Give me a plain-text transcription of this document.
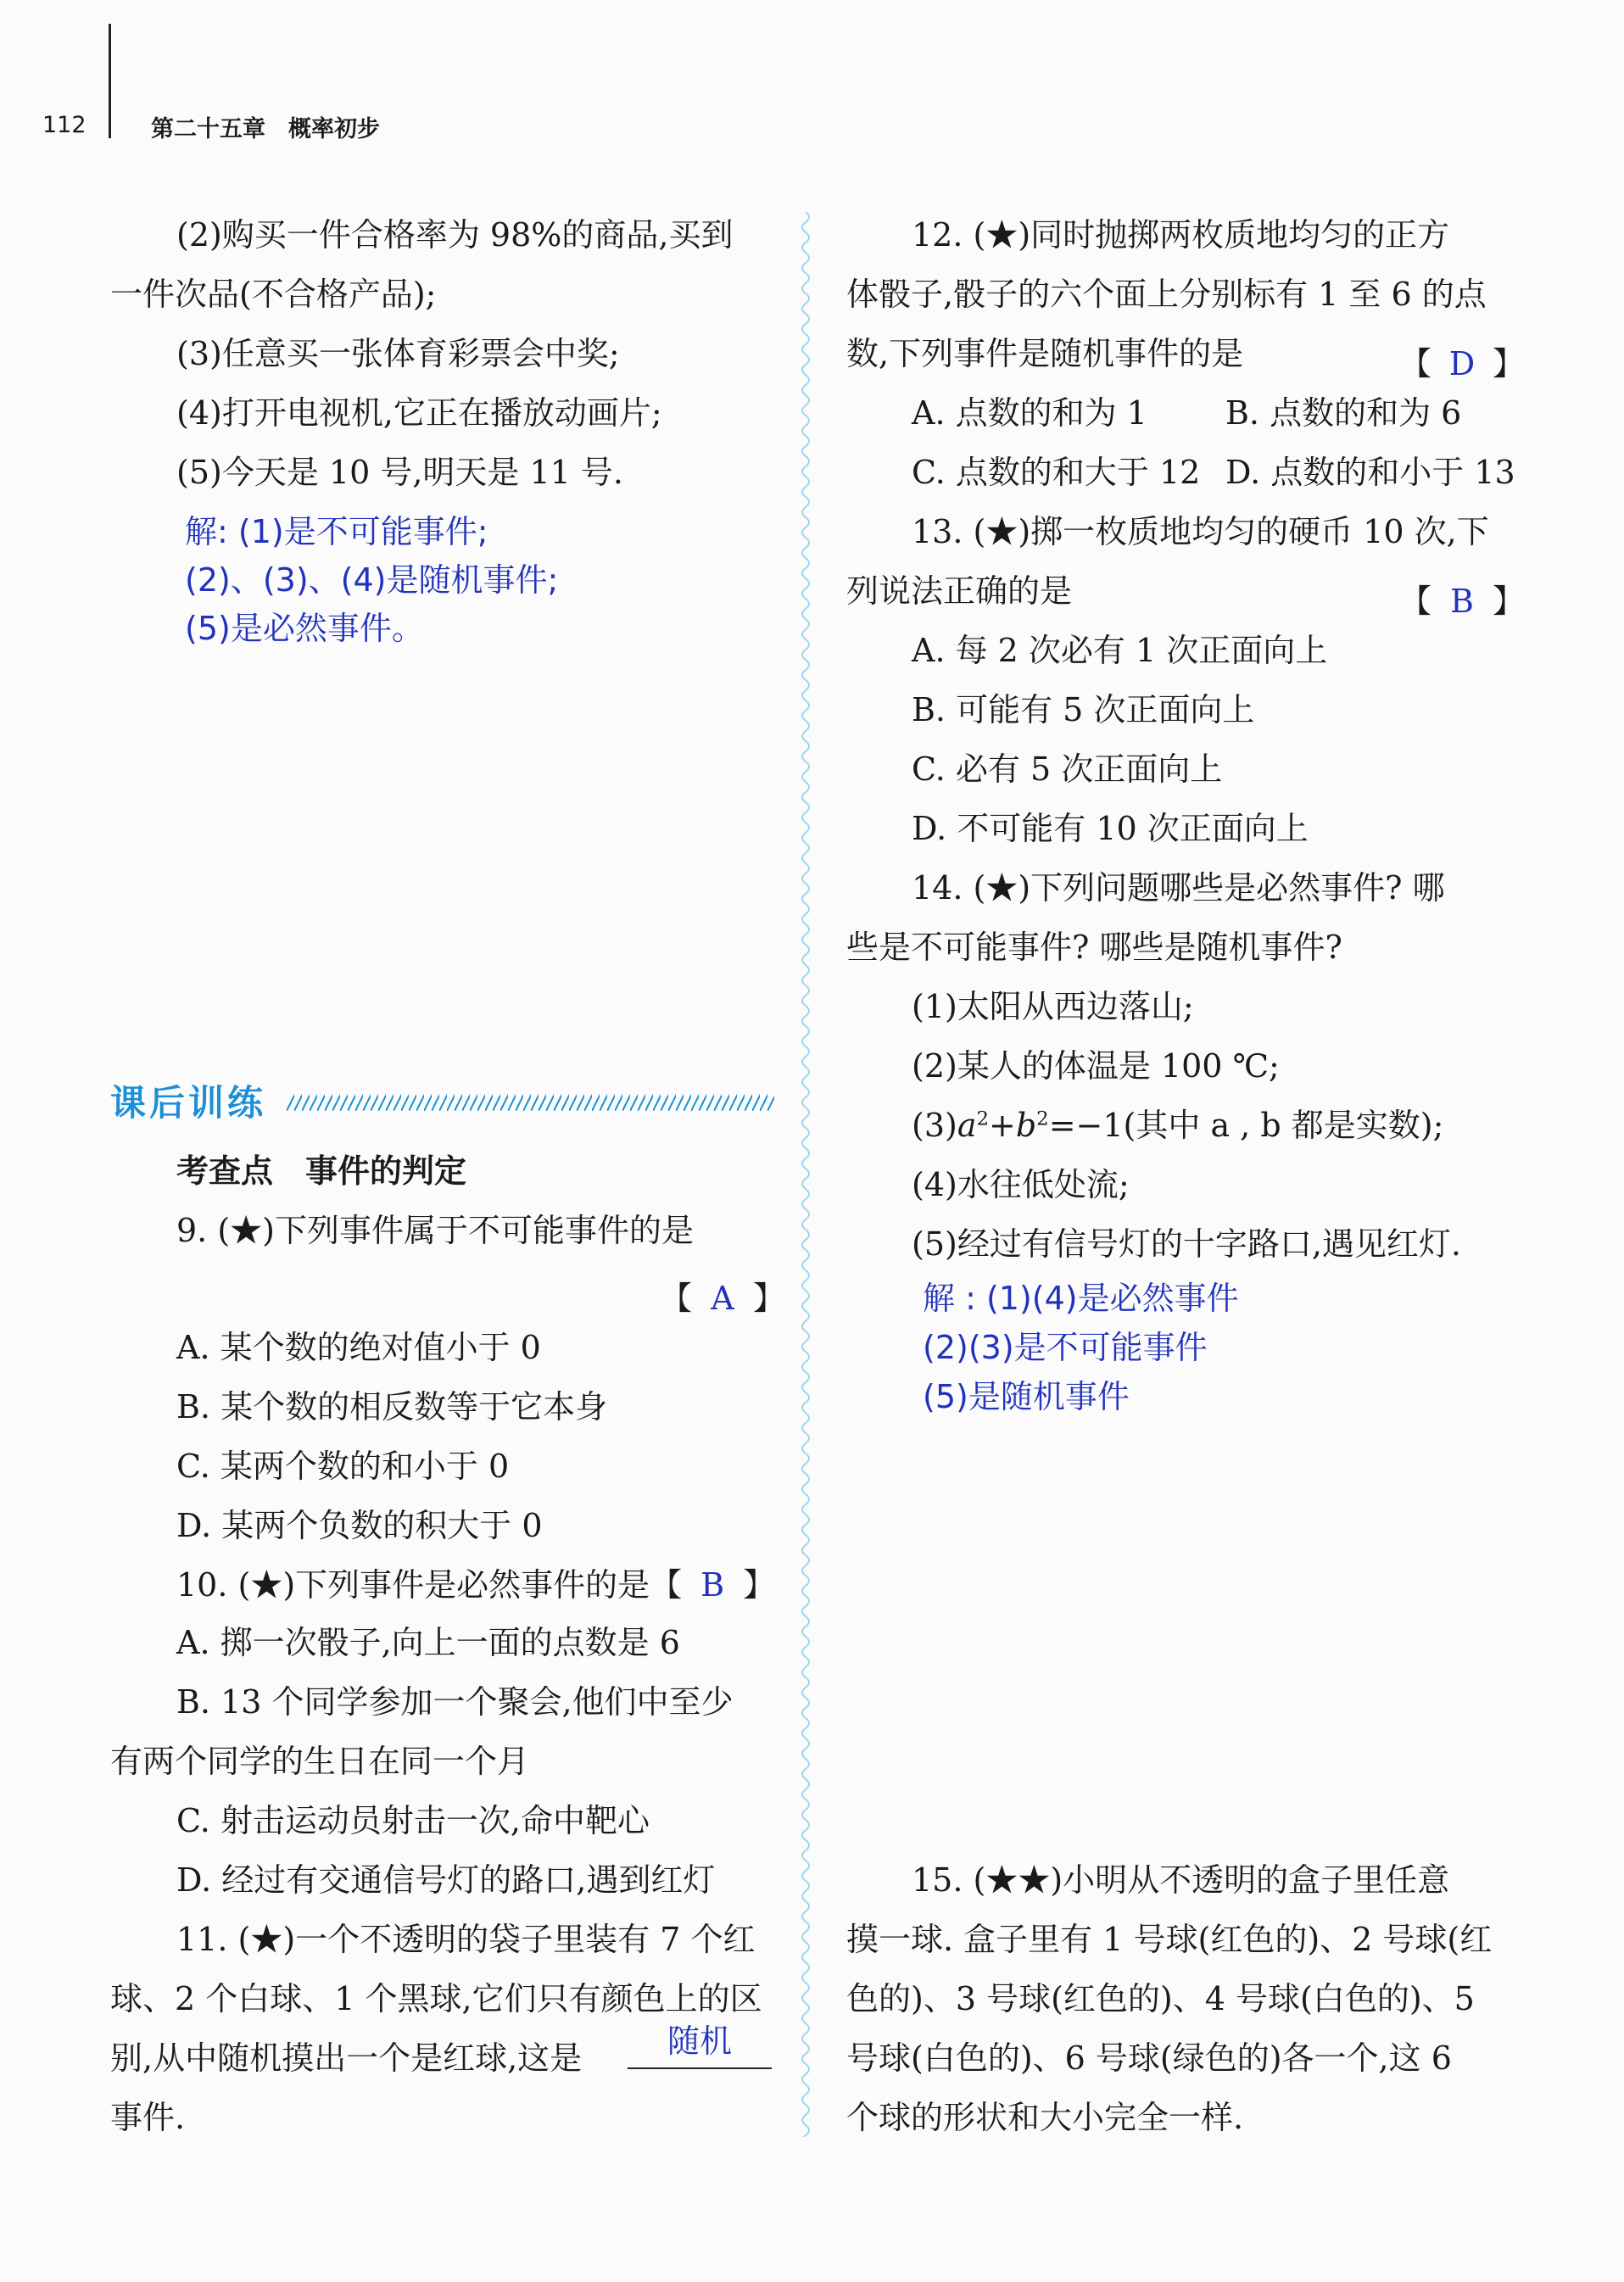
112	第二十五章　概率初步
(2)购买一件合格率为 98%的商品,买到
一件次品(不合格产品);
(3)任意买一张体育彩票会中奖;
(4)打开电视机,它正在播放动画片;
(5)今天是 10 号,明天是 11 号.
解: (1)是不可能事件;
(2)、(3)、(4)是随机事件;
(5)是必然事件。
课后训练
考查点　事件的判定
9. (★)下列事件属于不可能事件的是
【 A 】
A. 某个数的绝对值小于 0
B. 某个数的相反数等于它本身
C. 某两个数的和小于 0
D. 某两个负数的积大于 0
10. (★)下列事件是必然事件的是【 B 】
A. 掷一次骰子,向上一面的点数是 6
B. 13 个同学参加一个聚会,他们中至少
有两个同学的生日在同一个月
C. 射击运动员射击一次,命中靶心
D. 经过有交通信号灯的路口,遇到红灯
11. (★)一个不透明的袋子里装有 7 个红
球、2 个白球、1 个黑球,它们只有颜色上的区
别,从中随机摸出一个是红球,这是	随机
事件.
12. (★)同时抛掷两枚质地均匀的正方
体骰子,骰子的六个面上分别标有 1 至 6 的点
数,下列事件是随机事件的是	【 D 】
A. 点数的和为 1 B. 点数的和为 6
C. 点数的和大于 12 D. 点数的和小于 13
13. (★)掷一枚质地均匀的硬币 10 次,下
列说法正确的是	【 B 】
A. 每 2 次必有 1 次正面向上
B. 可能有 5 次正面向上
C. 必有 5 次正面向上
D. 不可能有 10 次正面向上
14. (★)下列问题哪些是必然事件? 哪
些是不可能事件? 哪些是随机事件?
(1)太阳从西边落山;
(2)某人的体温是 100 ℃;
$(3)a^2+b^2=-1$(其中 a , b 都是实数);
(4)水往低处流;
(5)经过有信号灯的十字路口,遇见红灯.
解 : (1)(4)是必然事件
(2)(3)是不可能事件
(5)是随机事件
15. (★★)小明从不透明的盒子里任意
摸一球. 盒子里有 1 号球(红色的)、2 号球(红
色的)、3 号球(红色的)、4 号球(白色的)、5
号球(白色的)、6 号球(绿色的)各一个,这 6
个球的形状和大小完全一样.
